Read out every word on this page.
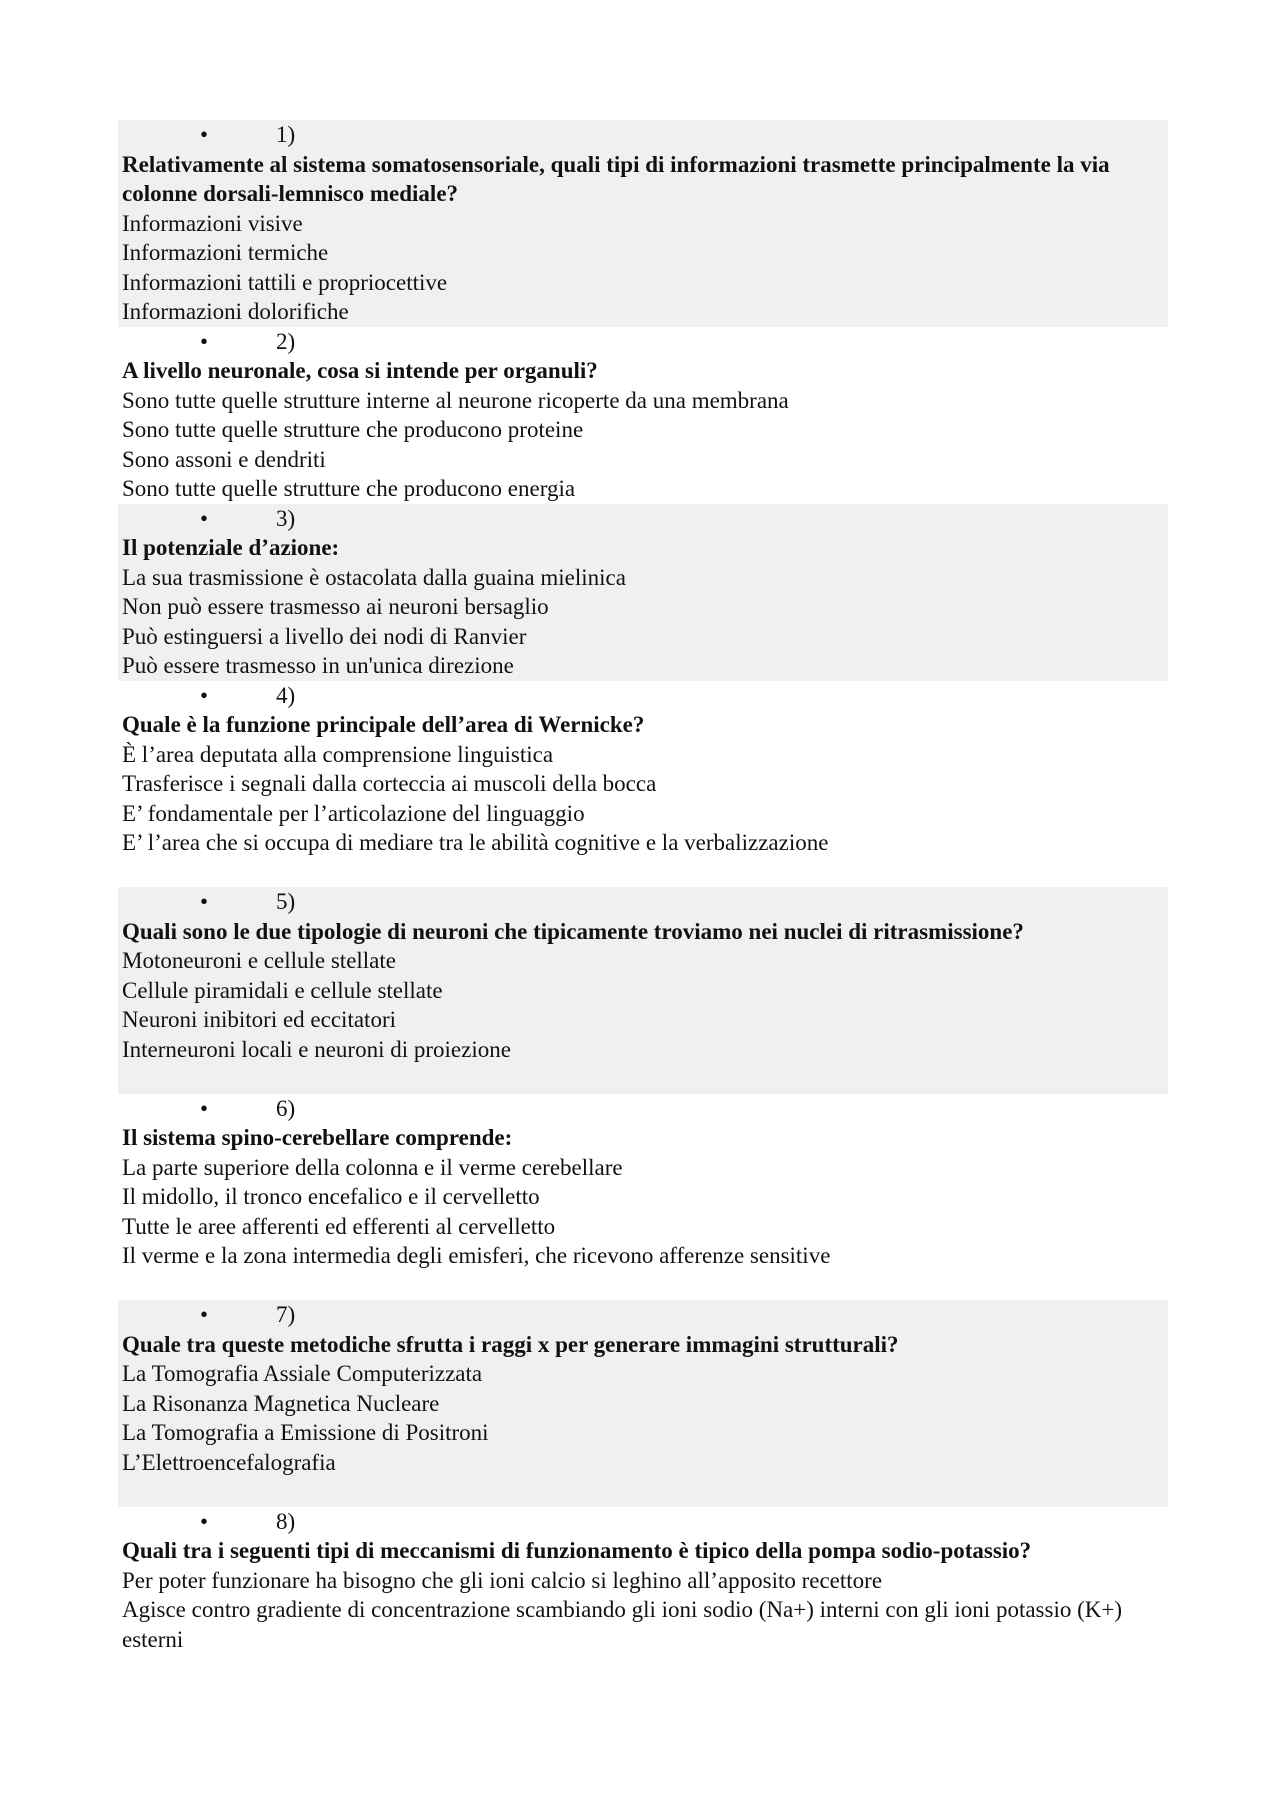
•	1)
Relativamente al sistema somatosensoriale, quali tipi di informazioni trasmette principalmente la via colonne dorsali-lemnisco mediale?
Informazioni visive
Informazioni termiche
Informazioni tattili e propriocettive
Informazioni dolorifiche
•	2)
A livello neuronale, cosa si intende per organuli?
Sono tutte quelle strutture interne al neurone ricoperte da una membrana
Sono tutte quelle strutture che producono proteine
Sono assoni e dendriti
Sono tutte quelle strutture che producono energia
•	3)
Il potenziale d’azione:
La sua trasmissione è ostacolata dalla guaina mielinica
Non può essere trasmesso ai neuroni bersaglio
Può estinguersi a livello dei nodi di Ranvier
Può essere trasmesso in un'unica direzione
•	4)
Quale è la funzione principale dell’area di Wernicke?
È l’area deputata alla comprensione linguistica
Trasferisce i segnali dalla corteccia ai muscoli della bocca
E’ fondamentale per l’articolazione del linguaggio
E’ l’area che si occupa di mediare tra le abilità cognitive e la verbalizzazione
•	5)
Quali sono le due tipologie di neuroni che tipicamente troviamo nei nuclei di ritrasmissione?
Motoneuroni e cellule stellate
Cellule piramidali e cellule stellate
Neuroni inibitori ed eccitatori
Interneuroni locali e neuroni di proiezione
•	6)
Il sistema spino-cerebellare comprende:
La parte superiore della colonna e il verme cerebellare
Il midollo, il tronco encefalico e il cervelletto
Tutte le aree afferenti ed efferenti al cervelletto
Il verme e la zona intermedia degli emisferi, che ricevono afferenze sensitive
•	7)
Quale tra queste metodiche sfrutta i raggi x per generare immagini strutturali?
La Tomografia Assiale Computerizzata
La Risonanza Magnetica Nucleare
La Tomografia a Emissione di Positroni
L’Elettroencefalografia
•	8)
Quali tra i seguenti tipi di meccanismi di funzionamento è tipico della pompa sodio-potassio?
Per poter funzionare ha bisogno che gli ioni calcio si leghino all’apposito recettore
Agisce contro gradiente di concentrazione scambiando gli ioni sodio (Na+) interni con gli ioni potassio (K+) esterni
